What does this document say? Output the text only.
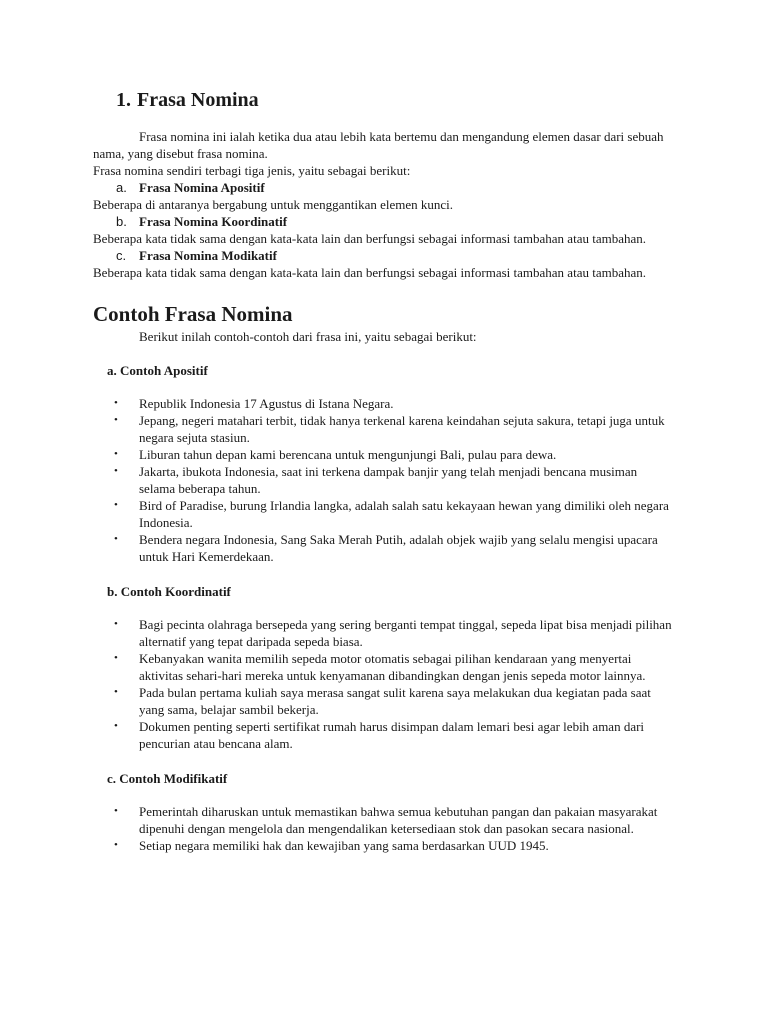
1. Frasa Nomina

Frasa nomina ini ialah ketika dua atau lebih kata bertemu dan mengandung elemen dasar dari sebuah nama, yang disebut frasa nomina.

Frasa nomina sendiri terbagi tiga jenis, yaitu sebagai berikut:

a. Frasa Nomina Apositif

Beberapa di antaranya bergabung untuk menggantikan elemen kunci.

b. Frasa Nomina Koordinatif

Beberapa kata tidak sama dengan kata-kata lain dan berfungsi sebagai informasi tambahan atau tambahan.

c. Frasa Nomina Modikatif

Beberapa kata tidak sama dengan kata-kata lain dan berfungsi sebagai informasi tambahan atau tambahan.

Contoh Frasa Nomina

Berikut inilah contoh-contoh dari frasa ini, yaitu sebagai berikut:

a. Contoh Apositif
• Republik Indonesia 17 Agustus di Istana Negara.
• Jepang, negeri matahari terbit, tidak hanya terkenal karena keindahan sejuta sakura, tetapi juga untuk negara sejuta stasiun.
• Liburan tahun depan kami berencana untuk mengunjungi Bali, pulau para dewa.
• Jakarta, ibukota Indonesia, saat ini terkena dampak banjir yang telah menjadi bencana musiman selama beberapa tahun.
• Bird of Paradise, burung Irlandia langka, adalah salah satu kekayaan hewan yang dimiliki oleh negara Indonesia.
• Bendera negara Indonesia, Sang Saka Merah Putih, adalah objek wajib yang selalu mengisi upacara untuk Hari Kemerdekaan.
b. Contoh Koordinatif
• Bagi pecinta olahraga bersepeda yang sering berganti tempat tinggal, sepeda lipat bisa menjadi pilihan alternatif yang tepat daripada sepeda biasa.
• Kebanyakan wanita memilih sepeda motor otomatis sebagai pilihan kendaraan yang menyertai aktivitas sehari-hari mereka untuk kenyamanan dibandingkan dengan jenis sepeda motor lainnya.
• Pada bulan pertama kuliah saya merasa sangat sulit karena saya melakukan dua kegiatan pada saat yang sama, belajar sambil bekerja.
• Dokumen penting seperti sertifikat rumah harus disimpan dalam lemari besi agar lebih aman dari pencurian atau bencana alam.
c. Contoh Modifikatif
• Pemerintah diharuskan untuk memastikan bahwa semua kebutuhan pangan dan pakaian masyarakat dipenuhi dengan mengelola dan mengendalikan ketersediaan stok dan pasokan secara nasional.
• Setiap negara memiliki hak dan kewajiban yang sama berdasarkan UUD 1945.
